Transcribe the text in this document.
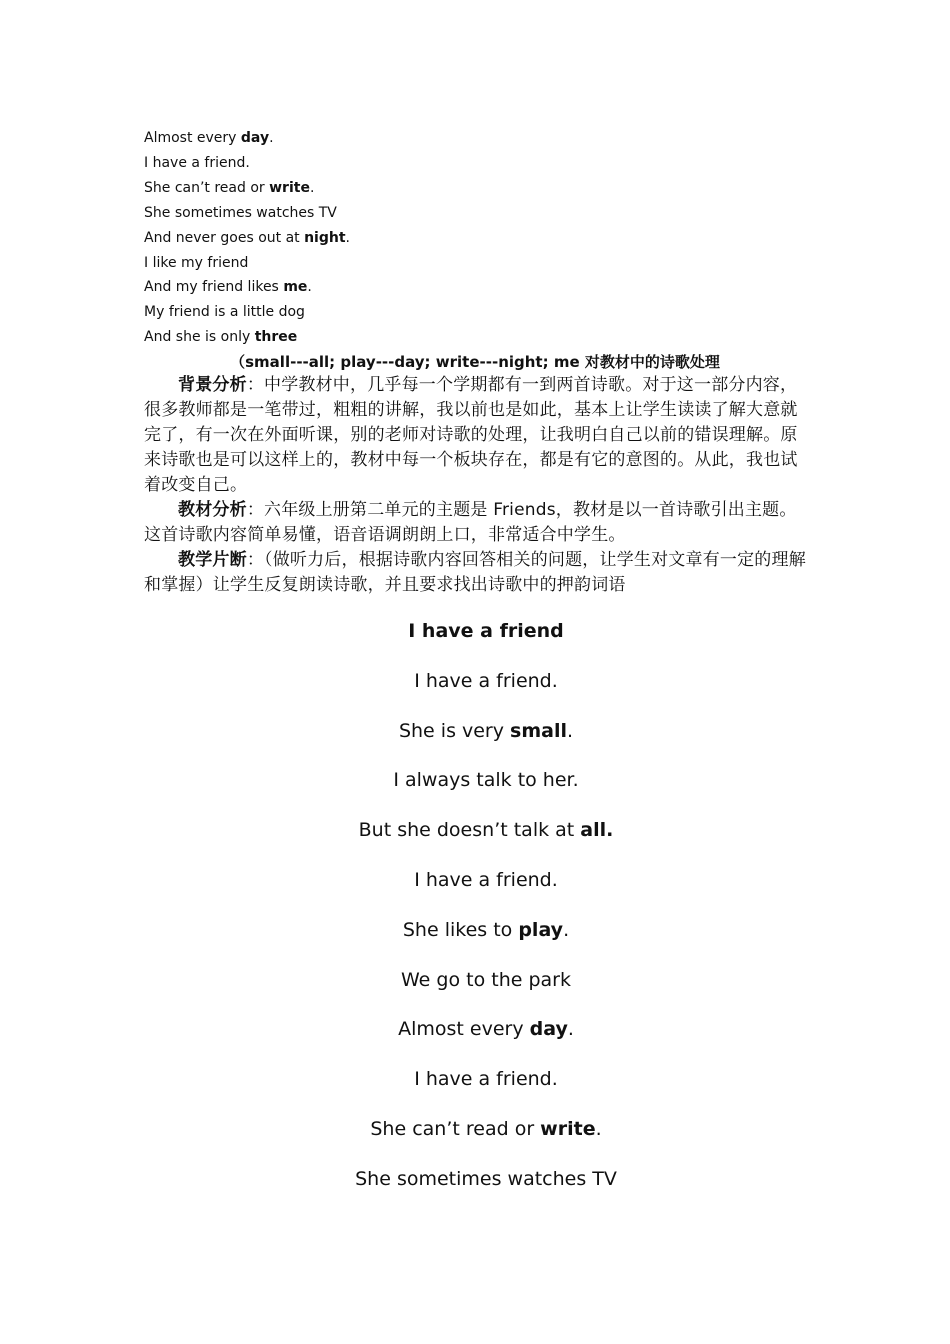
Almost every day.
I have a friend.
She can’t read or write.
She sometimes watches TV
And never goes out at night.
I like my friend
And my friend likes me.
My friend is a little dog
And she is only three
（small---all; play---day; write---night; me 对教材中的诗歌处理

背景分析：中学教材中，几乎每一个学期都有一到两首诗歌。对于这一部分内容，很多教师都是一笔带过，粗粗的讲解，我以前也是如此，基本上让学生读读了解大意就完了，有一次在外面听课，别的老师对诗歌的处理，让我明白自己以前的错误理解。原来诗歌也是可以这样上的，教材中每一个板块存在，都是有它的意图的。从此，我也试着改变自己。

教材分析：六年级上册第二单元的主题是 Friends，教材是以一首诗歌引出主题。这首诗歌内容简单易懂，语音语调朗朗上口，非常适合中学生。

教学片断：（做听力后，根据诗歌内容回答相关的问题，让学生对文章有一定的理解和掌握）让学生反复朗读诗歌，并且要求找出诗歌中的押韵词语

I have a friend
I have a friend.
She is very small.
I always talk to her.
But she doesn’t talk at all.
I have a friend.
She likes to play.
We go to the park
Almost every day.
I have a friend.
She can’t read or write.
She sometimes watches TV
